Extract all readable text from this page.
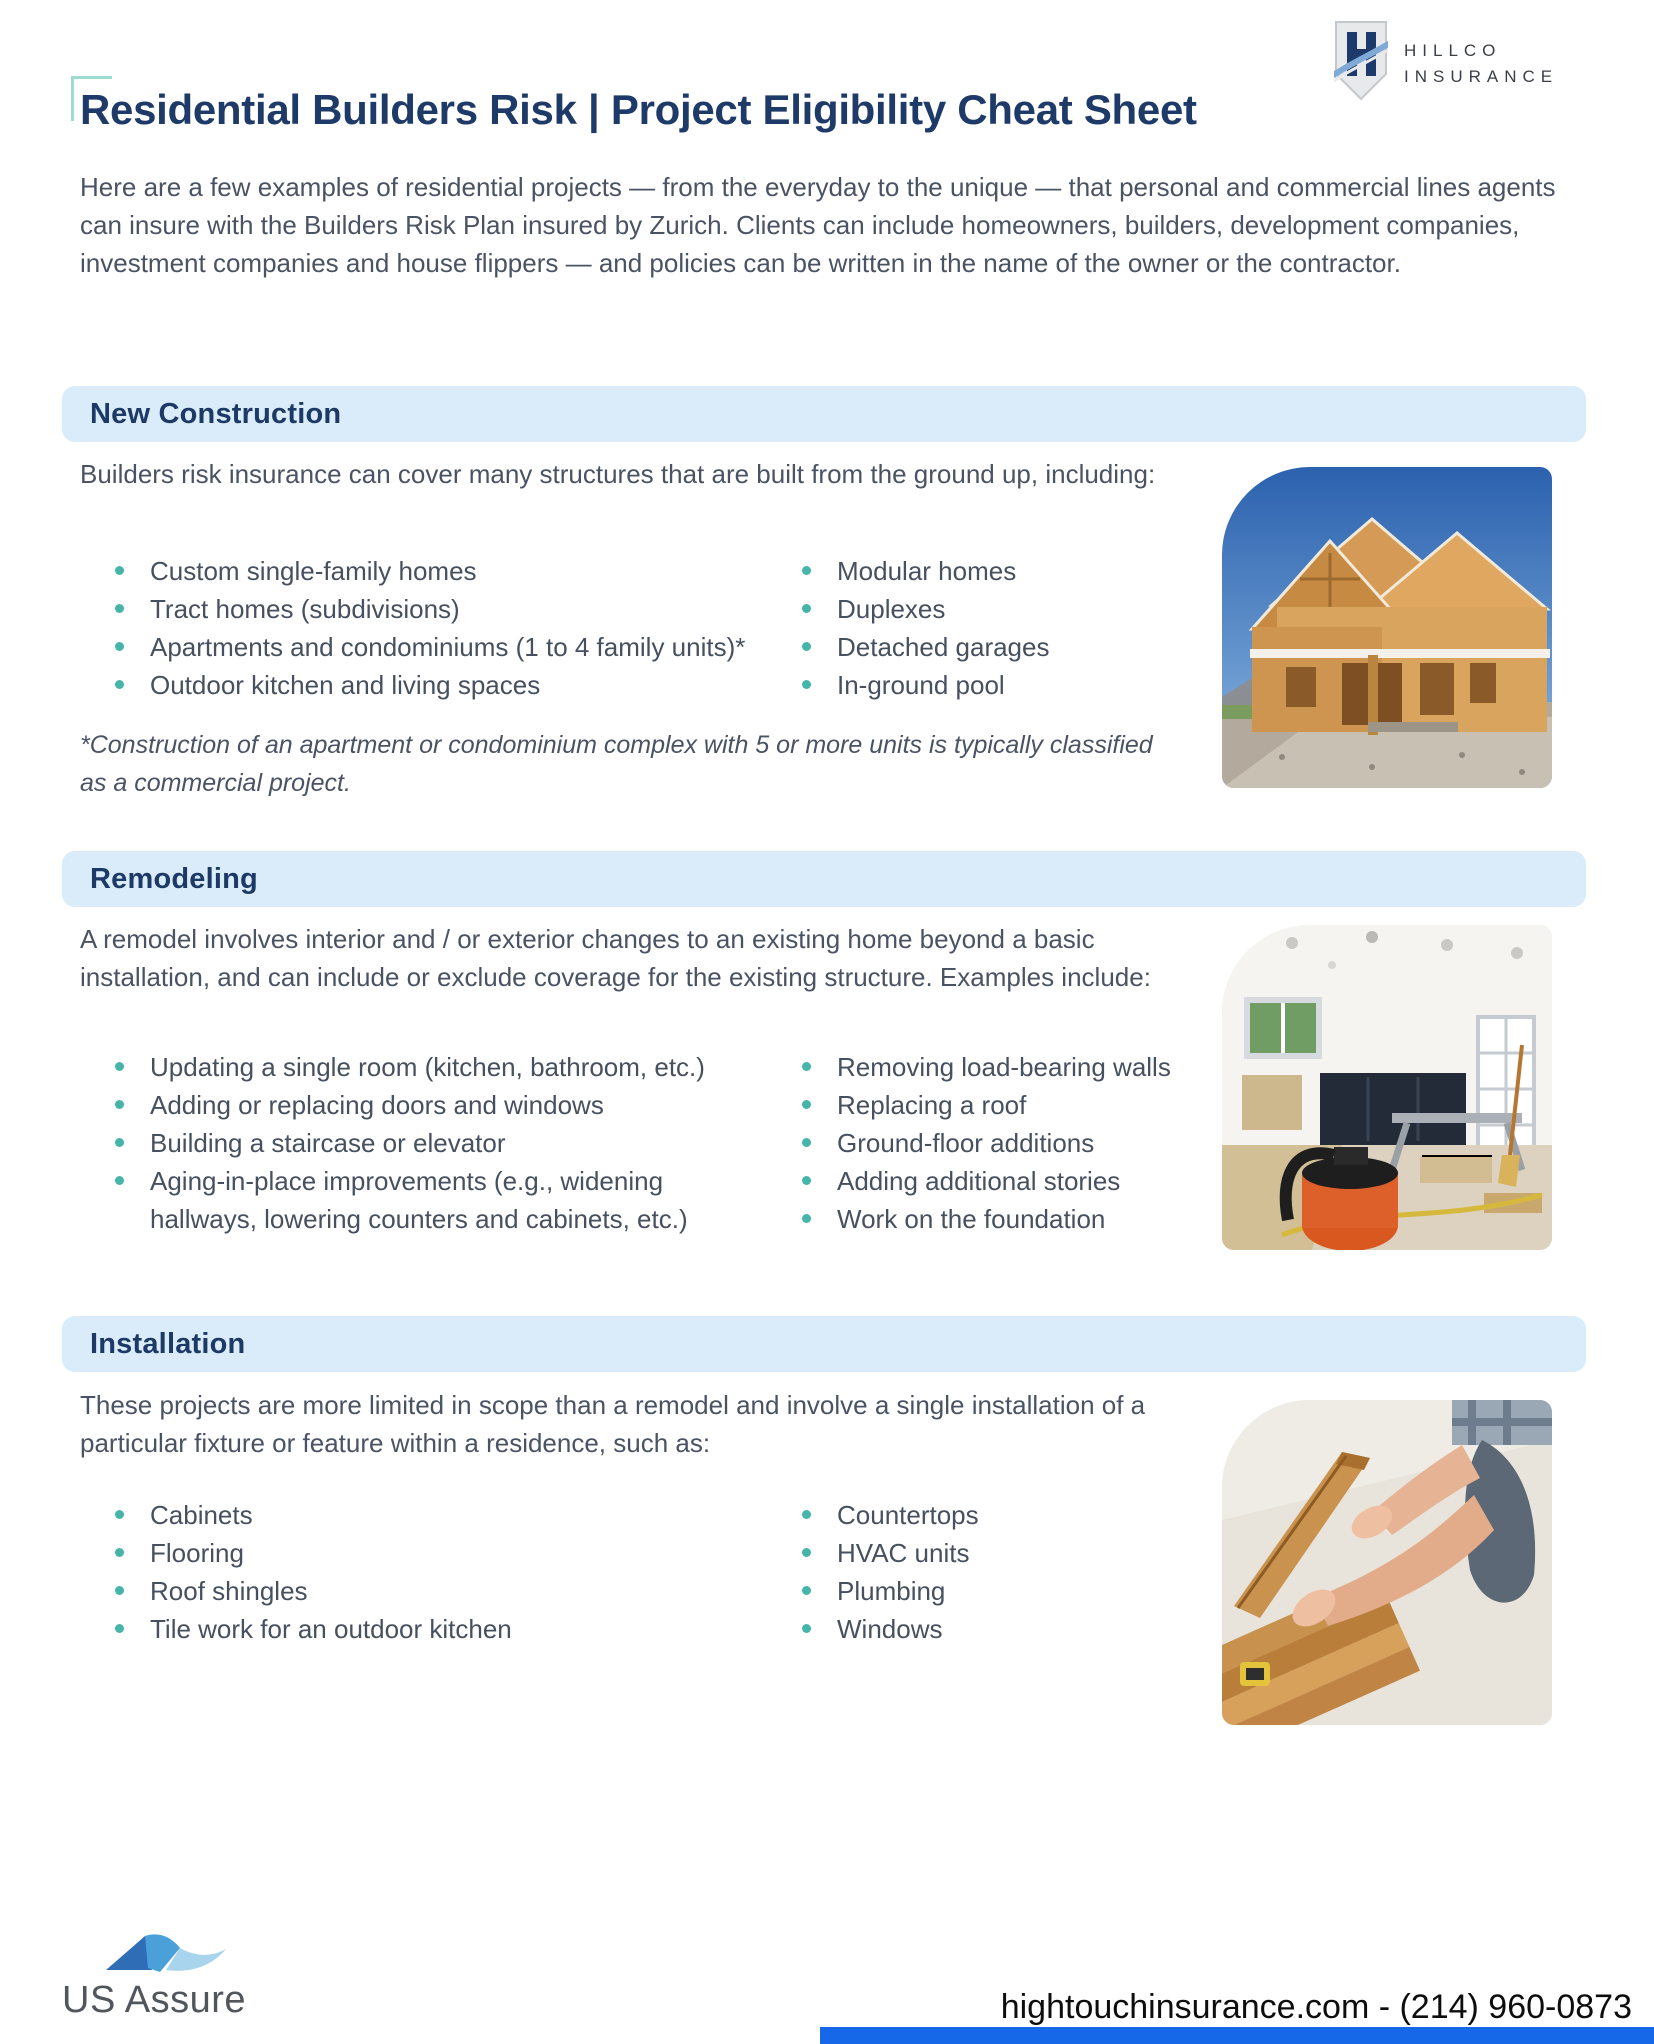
HILLCO
INSURANCE
Residential Builders Risk | Project Eligibility Cheat Sheet
Here are a few examples of residential projects — from the everyday to the unique — that personal and commercial lines agents can insure with the Builders Risk Plan insured by Zurich. Clients can include homeowners, builders, development companies, investment companies and house flippers — and policies can be written in the name of the owner or the contractor.
New Construction
Builders risk insurance can cover many structures that are built from the ground up, including:
Custom single-family homes
Tract homes (subdivisions)
Apartments and condominiums (1 to 4 family units)*
Outdoor kitchen and living spaces
Modular homes
Duplexes
Detached garages
In-ground pool
*Construction of an apartment or condominium complex with 5 or more units is typically classified as a commercial project.
Remodeling
A remodel involves interior and / or exterior changes to an existing home beyond a basic installation, and can include or exclude coverage for the existing structure. Examples include:
Updating a single room (kitchen, bathroom, etc.)
Adding or replacing doors and windows
Building a staircase or elevator
Aging-in-place improvements (e.g., widening hallways, lowering counters and cabinets, etc.)
Removing load-bearing walls
Replacing a roof
Ground-floor additions
Adding additional stories
Work on the foundation
Installation
These projects are more limited in scope than a remodel and involve a single installation of a particular fixture or feature within a residence, such as:
Cabinets
Flooring
Roof shingles
Tile work for an outdoor kitchen
Countertops
HVAC units
Plumbing
Windows
US Assure	hightouchinsurance.com - (214) 960-0873
